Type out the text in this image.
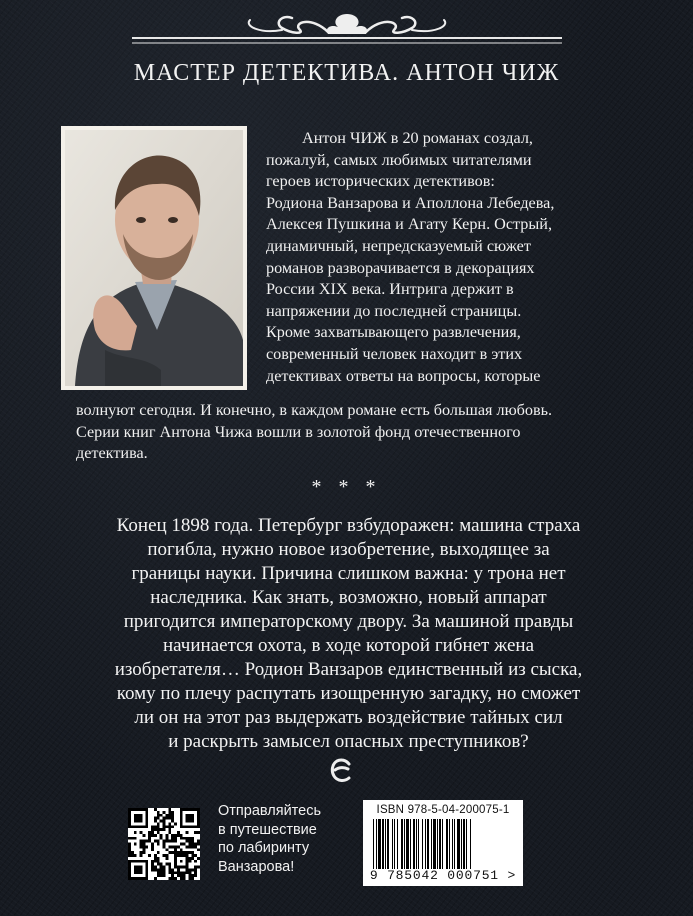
МАСТЕР ДЕТЕКТИВА. АНТОН ЧИЖ

Антон ЧИЖ в 20 романах создал,

пожалуй, самых любимых читателями

героев исторических детективов:

Родиона Ванзарова и Аполлона Лебедева,

Алексея Пушкина и Агату Керн. Острый,

динамичный, непредсказуемый сюжет

романов разворачивается в декорациях

России XIX века. Интрига держит в

напряжении до последней страницы.

Кроме захватывающего развлечения,

современный человек находит в этих

детективах ответы на вопросы, которые

волнуют сегодня. И конечно, в каждом романе есть большая любовь.

Серии книг Антона Чижа вошли в золотой фонд отечественного

детектива.

* * *
Конец 1898 года. Петербург взбудоражен: машина страха
погибла, нужно новое изобретение, выходящее за
границы науки. Причина слишком важна: у трона нет
наследника. Как знать, возможно, новый аппарат
пригодится императорскому двору. За машиной правды
начинается охота, в ходе которой гибнет жена
изобретателя… Родион Ванзаров единственный из сыска,
кому по плечу распутать изощренную загадку, но сможет
ли он на этот раз выдержать воздействие тайных сил
и раскрыть замысел опасных преступников?
Отправляйтесь
в путешествие
по лабиринту
Ванзарова!
ISBN 978-5-04-200075-1
9 785042 000751 >
